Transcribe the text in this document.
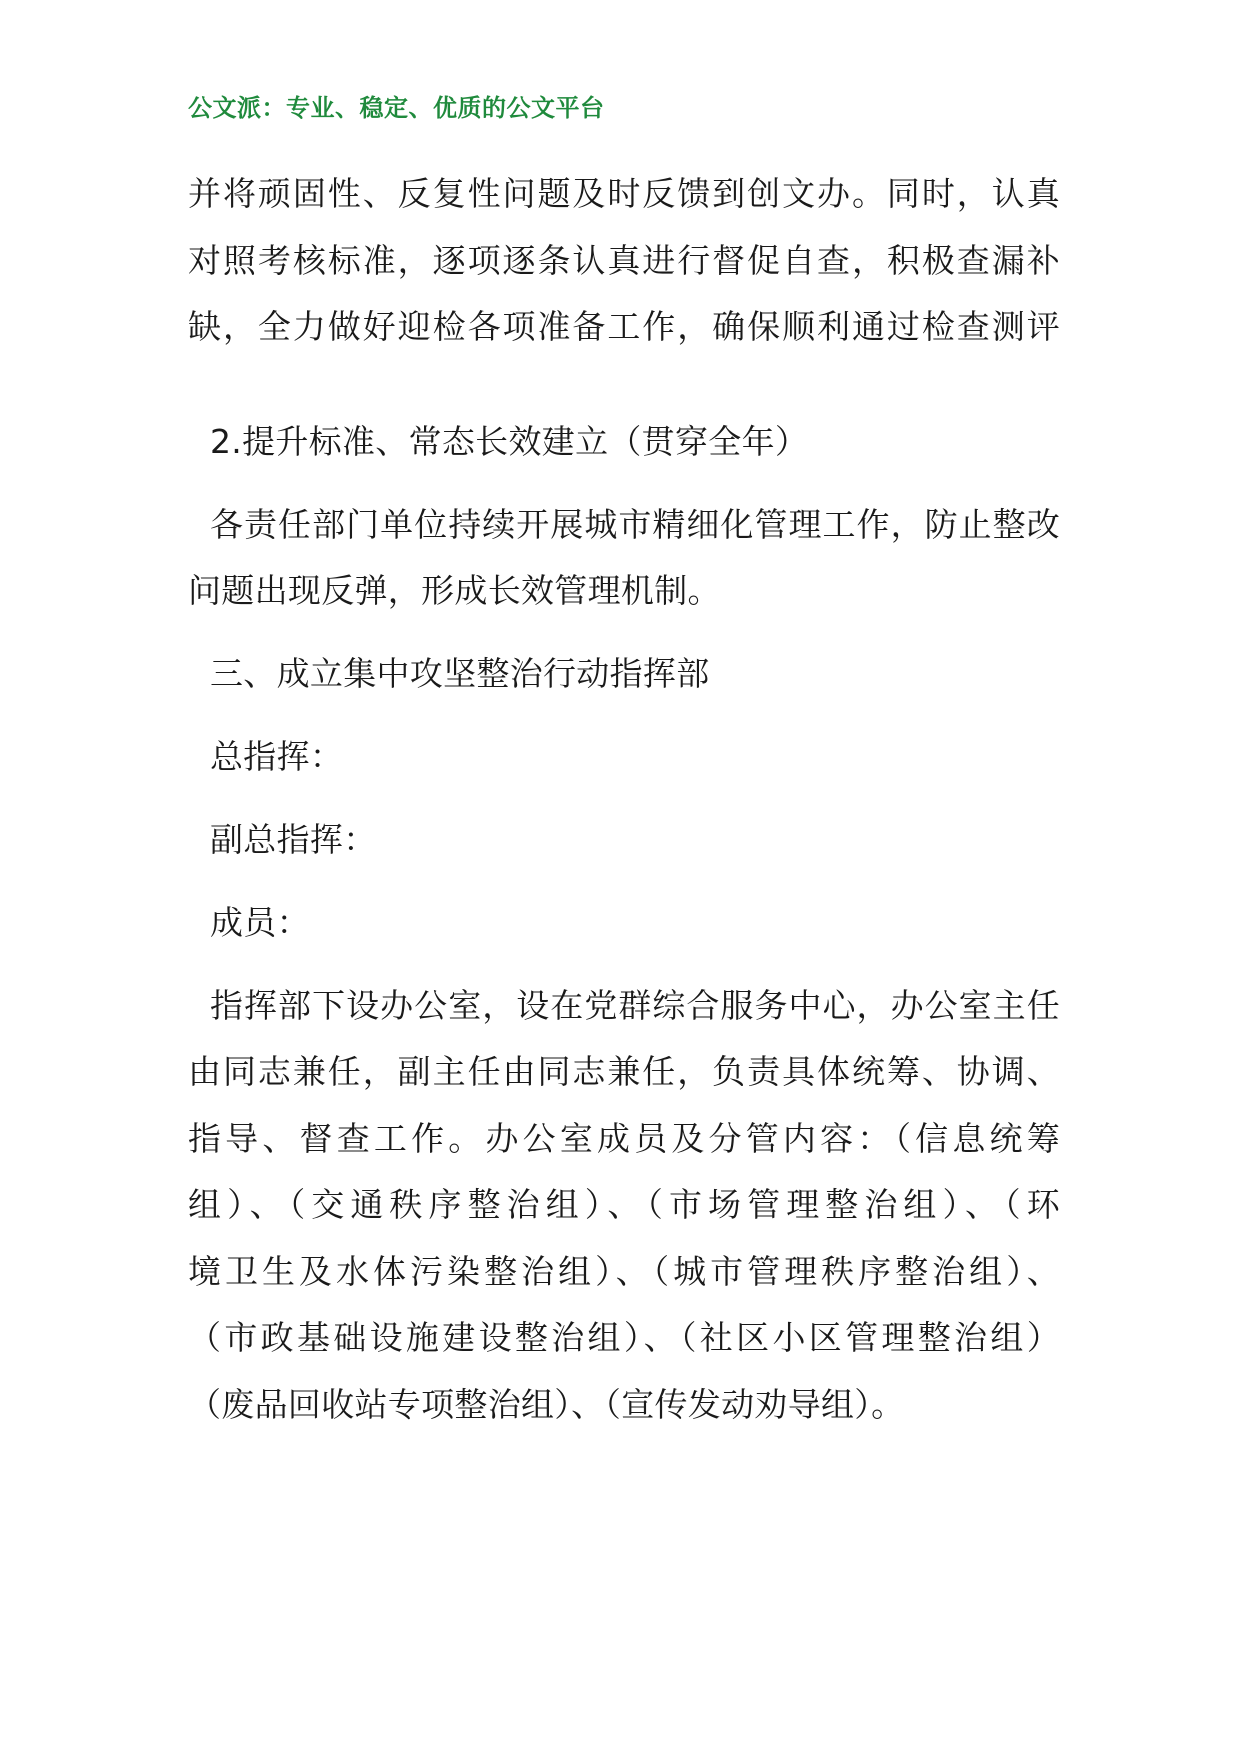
公文派：专业、稳定、优质的公文平台
并将顽固性、反复性问题及时反馈到创文办。同时，认真
对照考核标准，逐项逐条认真进行督促自查，积极查漏补
缺，全力做好迎检各项准备工作，确保顺利通过检查测评
2.提升标准、常态长效建立（贯穿全年）
各责任部门单位持续开展城市精细化管理工作，防止整改
问题出现反弹，形成长效管理机制。
三、成立集中攻坚整治行动指挥部
总指挥：
副总指挥：
成员：
指挥部下设办公室，设在党群综合服务中心，办公室主任
由同志兼任，副主任由同志兼任，负责具体统筹、协调、
指导、督查工作。办公室成员及分管内容：（信息统筹
组）、（交通秩序整治组）、（市场管理整治组）、（环
境卫生及水体污染整治组）、（城市管理秩序整治组）、
（市政基础设施建设整治组）、（社区小区管理整治组）
（废品回收站专项整治组）、（宣传发动劝导组）。
